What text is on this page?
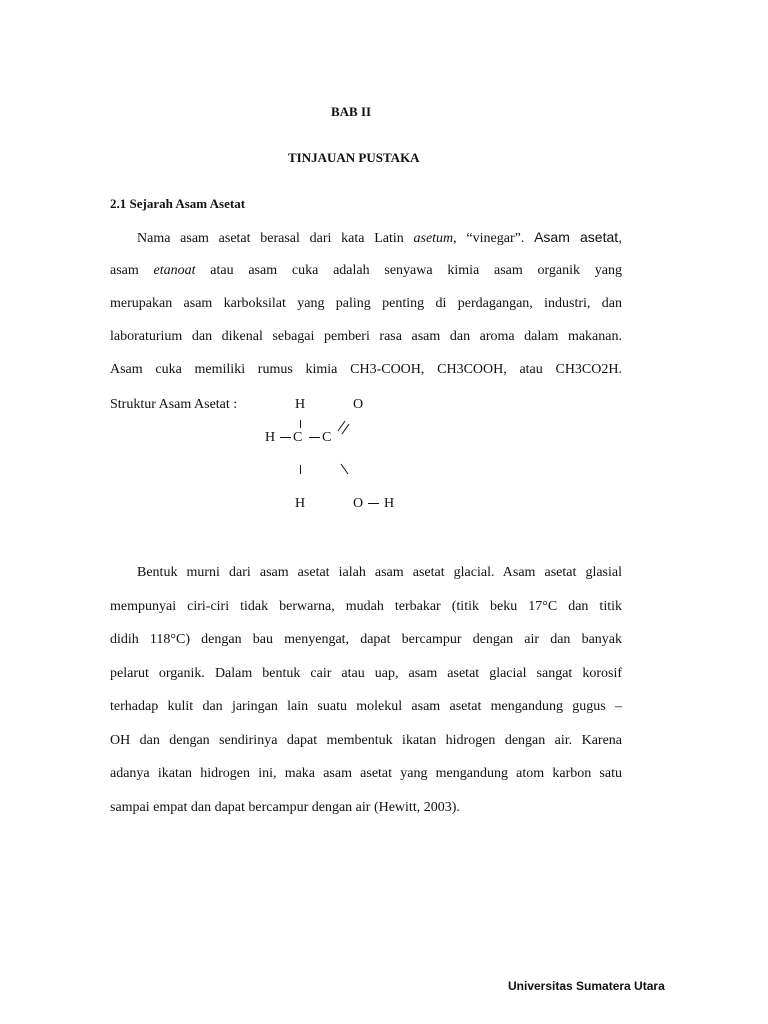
BAB II
TINJAUAN PUSTAKA
2.1 Sejarah Asam Asetat
Nama asam asetat berasal dari kata Latin asetum, “vinegar”. Asam asetat,
asam etanoat atau asam cuka adalah senyawa kimia asam organik yang
merupakan asam karboksilat yang paling penting di perdagangan, industri, dan
laboraturium dan dikenal sebagai pemberi rasa asam dan aroma dalam makanan.
Asam cuka memiliki rumus kimia CH3-COOH, CH3COOH, atau CH3CO2H.
Struktur Asam Asetat :	H	O
H C C
H	O H
Bentuk murni dari asam asetat ialah asam asetat glacial. Asam asetat glasial
mempunyai ciri-ciri tidak berwarna, mudah terbakar (titik beku 17°C dan titik
didih 118°C) dengan bau menyengat, dapat bercampur dengan air dan banyak
pelarut organik. Dalam bentuk cair atau uap, asam asetat glacial sangat korosif
terhadap kulit dan jaringan lain suatu molekul asam asetat mengandung gugus –
OH dan dengan sendirinya dapat membentuk ikatan hidrogen dengan air. Karena
adanya ikatan hidrogen ini, maka asam asetat yang mengandung atom karbon satu
sampai empat dan dapat bercampur dengan air (Hewitt, 2003).
Universitas Sumatera Utara
